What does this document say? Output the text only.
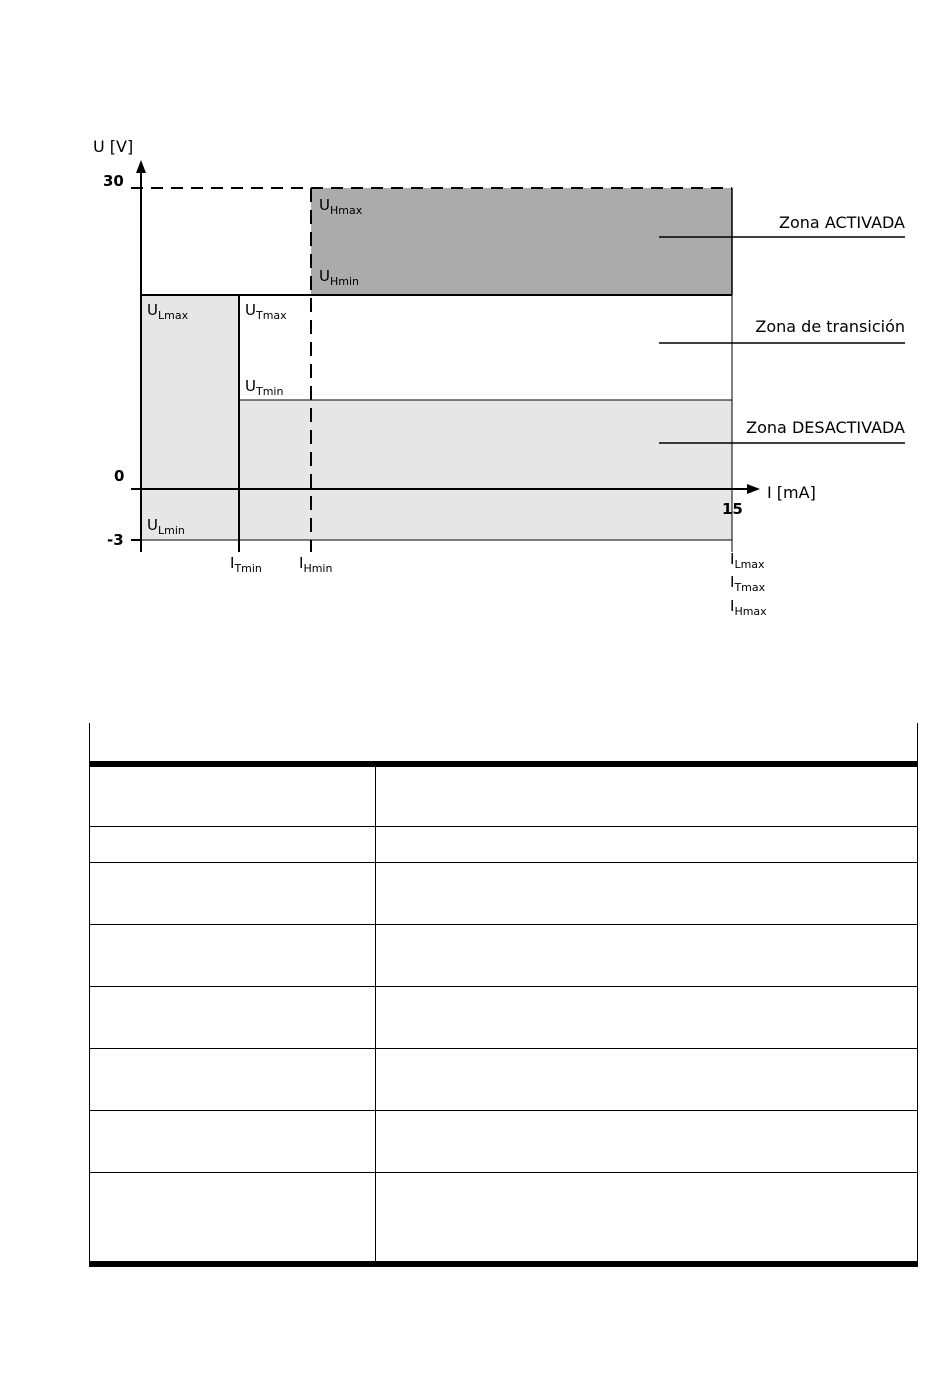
U [V]
I [mA]
30
0
-3
15
Zona ACTIVADA
Zona de transición
Zona DESACTIVADA
$U_{Hmax}$
$U_{Hmin}$
$U_{Lmax}$	$U_{Tmax}$
$U_{Tmin}$
$U_{Lmin}$
$I_{Tmin}$ $I_{Hmin}$
$I_{Lmax}$
$I_{Tmax}$
$I_{Hmax}$
